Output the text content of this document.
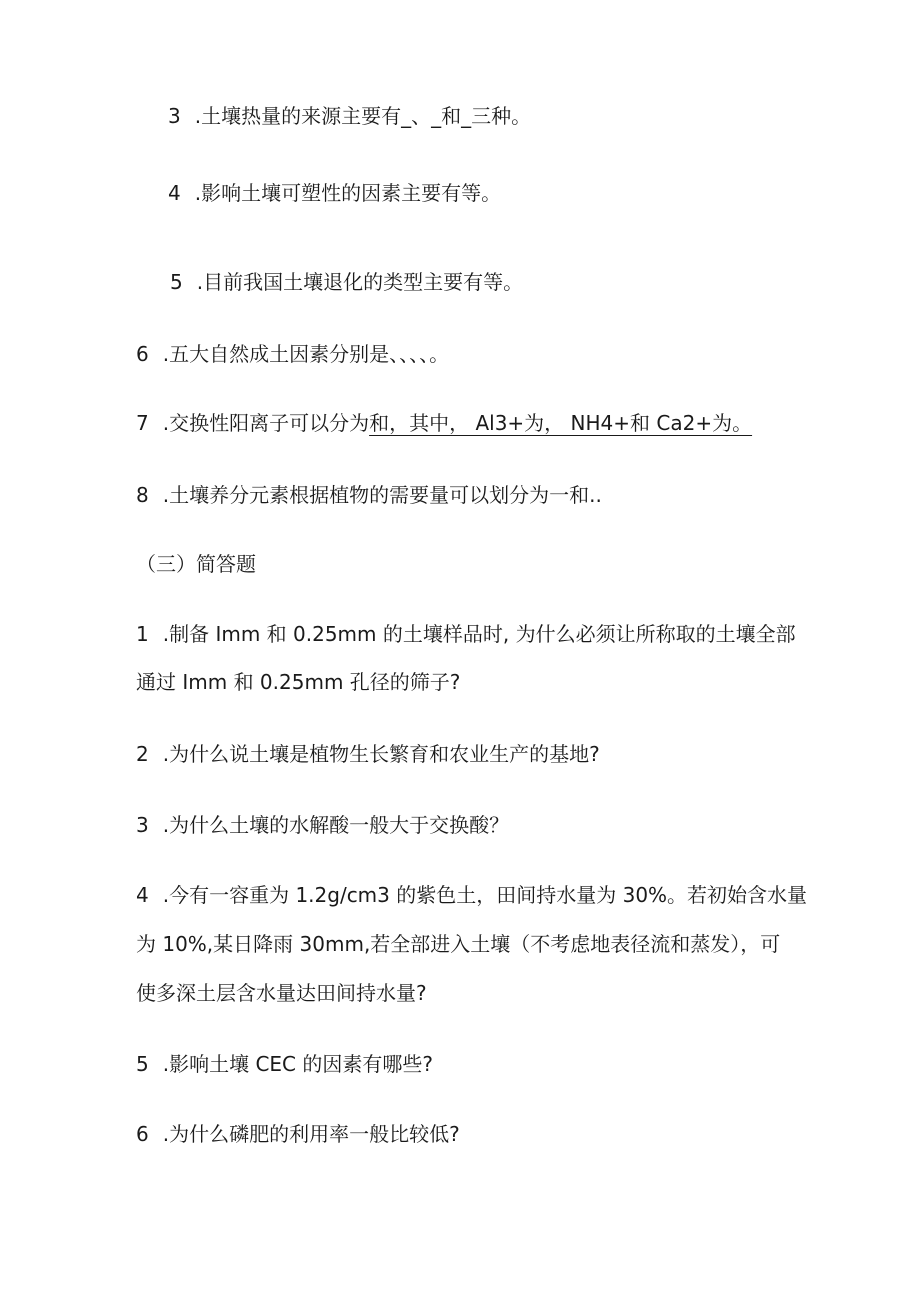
3 .土壤热量的来源主要有_、_和_三种。
4 .影响土壤可塑性的因素主要有等。
5 .目前我国土壤退化的类型主要有等。
6 .五大自然成土因素分别是、、、、。
7 .交换性阳离子可以分为和，其中， Al3+为， NH4+和 Ca2+为。
8 .土壤养分元素根据植物的需要量可以划分为一和..
（三）简答题
1 .制备 Imm 和 0.25mm 的土壤样品时, 为什么必须让所称取的土壤全部
通过 Imm 和 0.25mm 孔径的筛子?
2 .为什么说土壤是植物生长繁育和农业生产的基地?
3 .为什么土壤的水解酸一般大于交换酸？
4 .今有一容重为 1.2g/cm3 的紫色土，田间持水量为 30%。若初始含水量
为 10%,某日降雨 30mm,若全部进入土壤（不考虑地表径流和蒸发），可
使多深土层含水量达田间持水量?
5 .影响土壤 CEC 的因素有哪些?
6 .为什么磷肥的利用率一般比较低?
